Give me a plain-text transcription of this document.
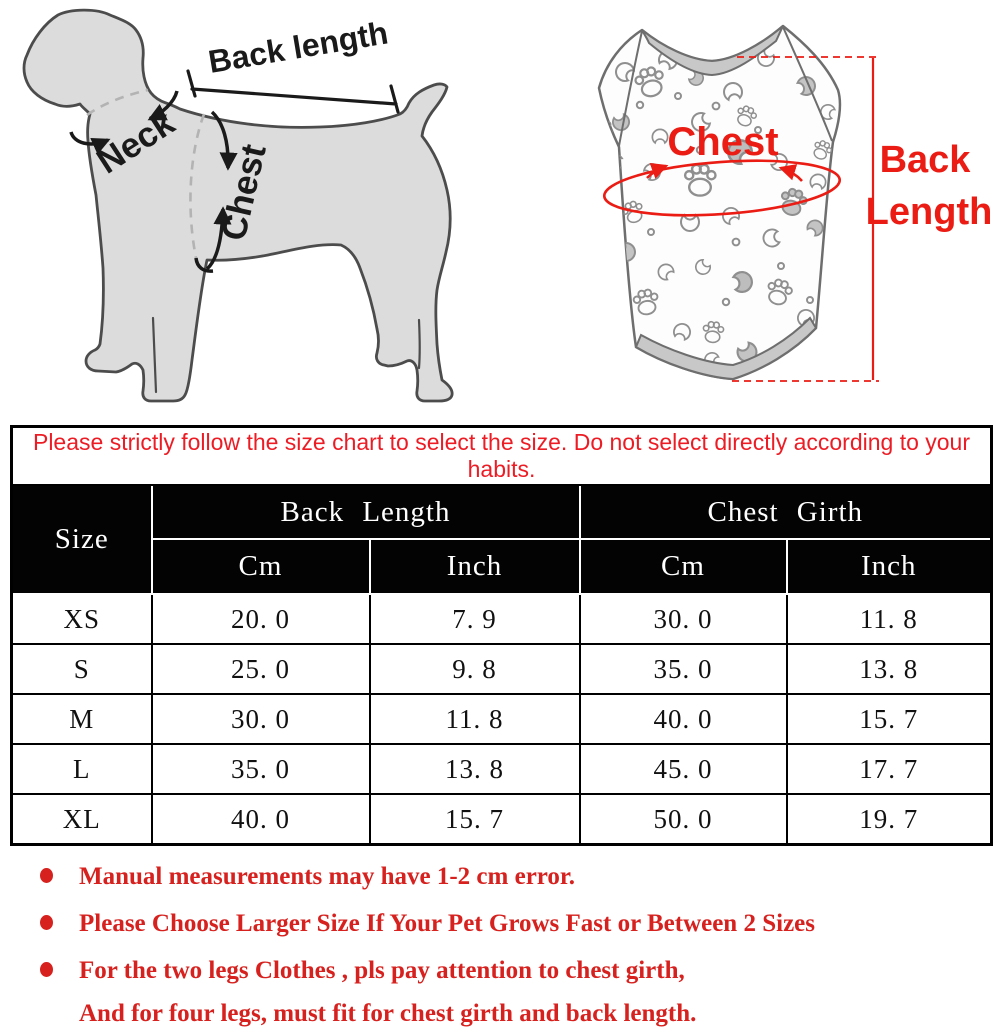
Back length
Neck Chest	Chest	Back
Length
Please strictly follow the size chart to select the size. Do not select directly according to your habits.				
Size	Back Length		Chest Girth	
	Cm	Inch	Cm	Inch
XS	20. 0	7. 9	30. 0	11. 8
S	25. 0	9. 8	35. 0	13. 8
M	30. 0	11. 8	40. 0	15. 7
L	35. 0	13. 8	45. 0	17. 7
XL	40. 0	15. 7	50. 0	19. 7
Manual measurements may have 1-2 cm error.
Please Choose Larger Size If Your Pet Grows Fast or Between 2 Sizes
For the two legs Clothes , pls pay attention to chest girth,
And for four legs, must fit for chest girth and back length.
